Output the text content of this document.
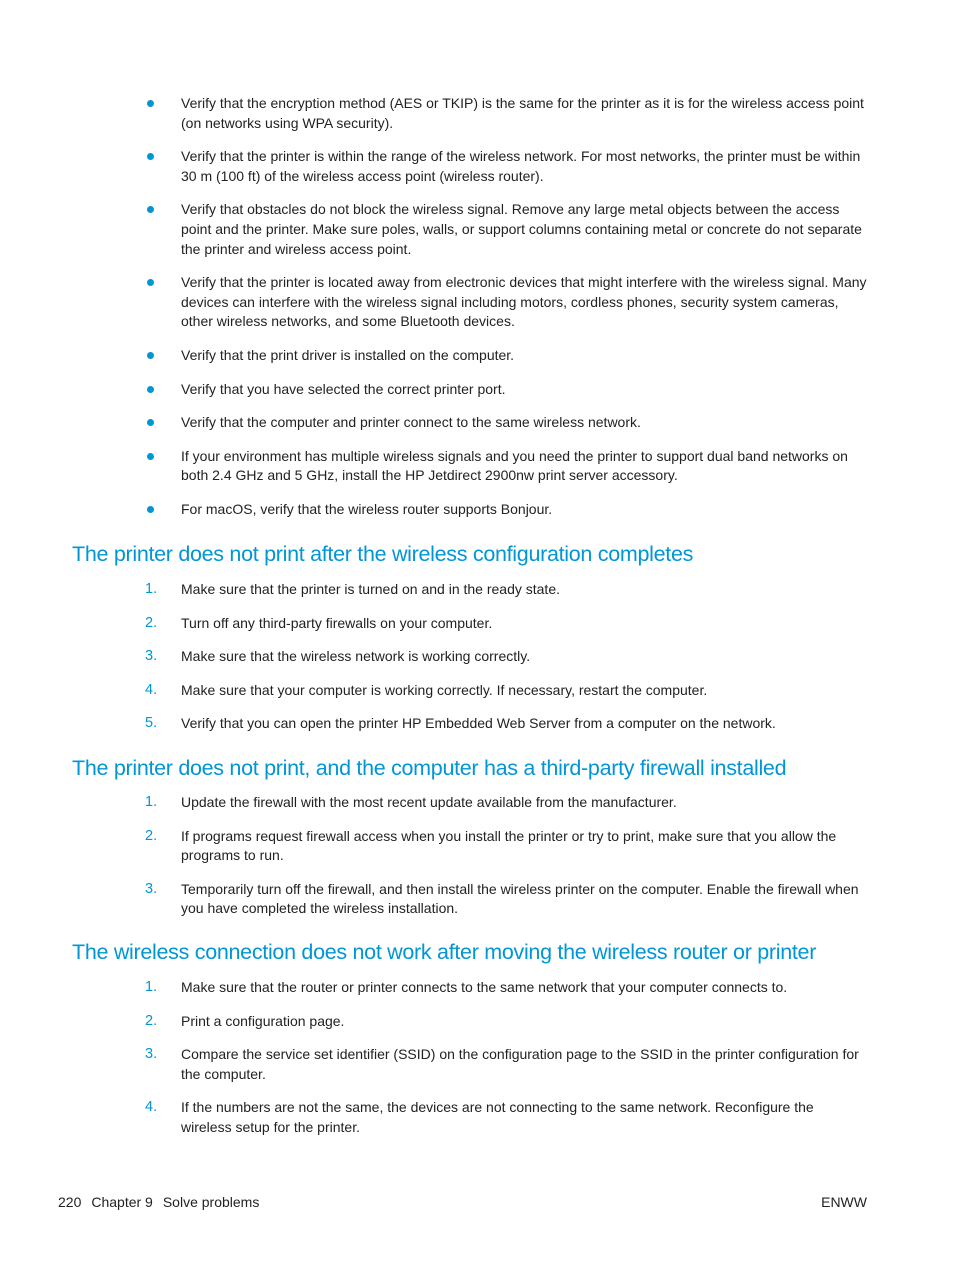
Verify that the encryption method (AES or TKIP) is the same for the printer as it is for the wireless access point (on networks using WPA security).
Verify that the printer is within the range of the wireless network. For most networks, the printer must be within 30 m (100 ft) of the wireless access point (wireless router).
Verify that obstacles do not block the wireless signal. Remove any large metal objects between the access point and the printer. Make sure poles, walls, or support columns containing metal or concrete do not separate the printer and wireless access point.
Verify that the printer is located away from electronic devices that might interfere with the wireless signal. Many devices can interfere with the wireless signal including motors, cordless phones, security system cameras, other wireless networks, and some Bluetooth devices.
Verify that the print driver is installed on the computer.
Verify that you have selected the correct printer port.
Verify that the computer and printer connect to the same wireless network.
If your environment has multiple wireless signals and you need the printer to support dual band networks on both 2.4 GHz and 5 GHz, install the HP Jetdirect 2900nw print server accessory.
For macOS, verify that the wireless router supports Bonjour.
The printer does not print after the wireless configuration completes
1. Make sure that the printer is turned on and in the ready state.
2. Turn off any third-party firewalls on your computer.
3. Make sure that the wireless network is working correctly.
4. Make sure that your computer is working correctly. If necessary, restart the computer.
5. Verify that you can open the printer HP Embedded Web Server from a computer on the network.
The printer does not print, and the computer has a third-party firewall installed
1. Update the firewall with the most recent update available from the manufacturer.
2. If programs request firewall access when you install the printer or try to print, make sure that you allow the programs to run.
3. Temporarily turn off the firewall, and then install the wireless printer on the computer. Enable the firewall when you have completed the wireless installation.
The wireless connection does not work after moving the wireless router or printer
1. Make sure that the router or printer connects to the same network that your computer connects to.
2. Print a configuration page.
3. Compare the service set identifier (SSID) on the configuration page to the SSID in the printer configuration for the computer.
4. If the numbers are not the same, the devices are not connecting to the same network. Reconfigure the wireless setup for the printer.
220 Chapter 9 Solve problems	ENWW
